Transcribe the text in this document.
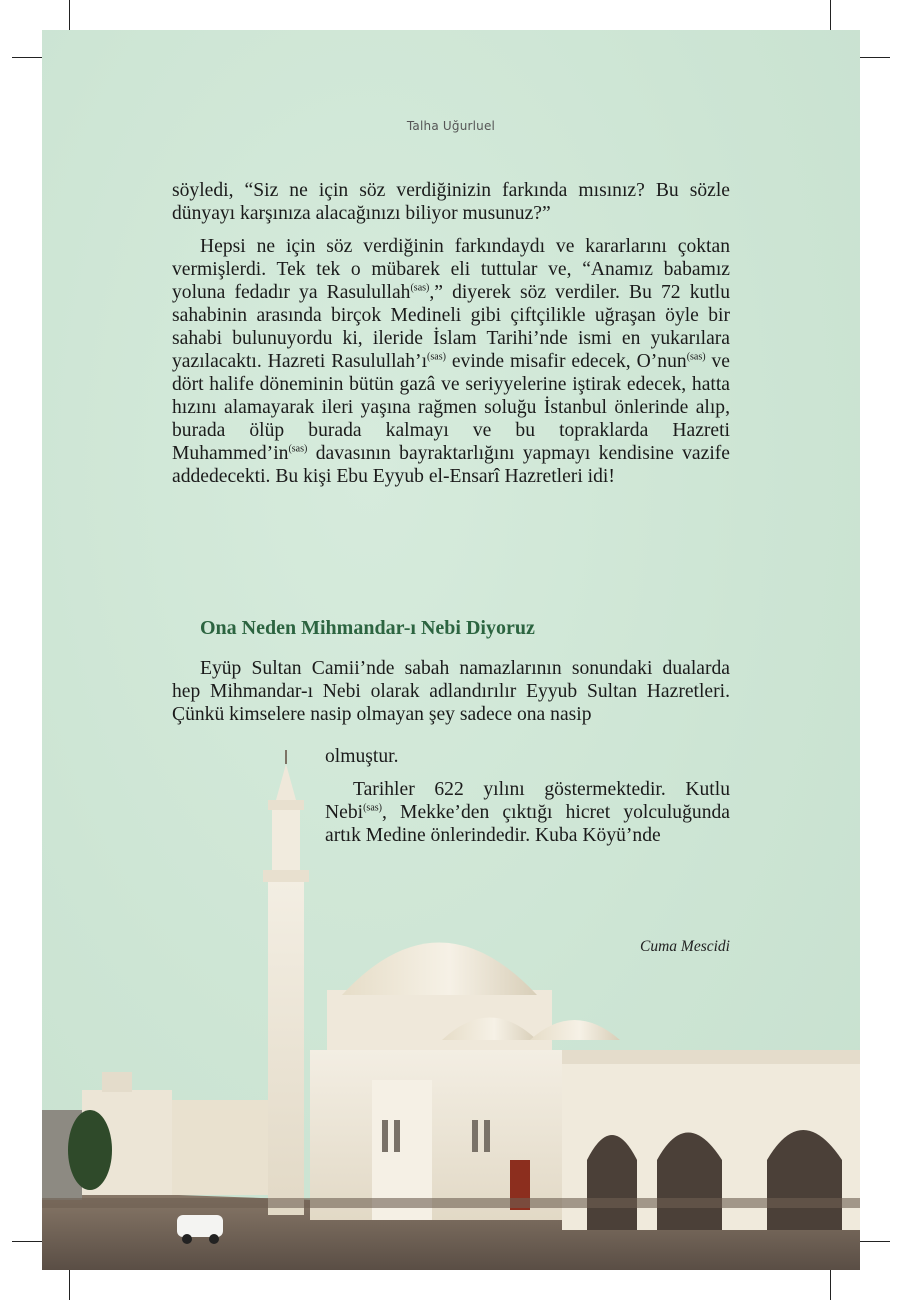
Talha Uğurluel

söyledi, “Siz ne için söz verdiğinizin farkında mısınız? Bu sözle dünyayı karşınıza alacağınızı biliyor musunuz?”

Hepsi ne için söz verdiğinin farkındaydı ve kararlarını çoktan vermişlerdi. Tek tek o mübarek eli tuttular ve, “Anamız babamız yoluna fedadır ya Rasulullah$^{(sas)}$,” diyerek söz verdiler. Bu 72 kutlu sahabinin arasında birçok Medineli gibi çiftçilikle uğraşan öyle bir sahabi bulunuyordu ki, ileride İslam Tarihi’nde ismi en yukarılara yazılacaktı. Hazreti $Rasulullah’ı^{(sas)}$ evinde misafir edecek, O’nun$^{(sas)}$ ve dört halife döneminin bütün gazâ ve seriyyelerine iştirak edecek, hatta hızını alamayarak ileri yaşına rağmen soluğu İstanbul önlerinde alıp, burada ölüp burada kalmayı ve bu topraklarda Hazreti $Muhammed’in^{(sas)}$ davasının bayraktarlığını yapmayı kendisine vazife addedecekti. Bu kişi Ebu Eyyub el-Ensarî Hazretleri idi!

Ona Neden Mihmandar-ı Nebi Diyoruz

Eyüp Sultan Camii’nde sabah namazlarının sonundaki dualarda hep Mihmandar-ı Nebi olarak adlandırılır Eyyub Sultan Hazretleri. Çünkü kimselere nasip olmayan şey sadece ona nasip

olmuştur.

Tarihler 622 yılını göstermektedir. Kutlu Nebi$^{(sas)}$, Mekke’den çıktığı hicret yolculuğunda artık Medine önlerindedir. Kuba Köyü’nde

Cuma Mescidi
